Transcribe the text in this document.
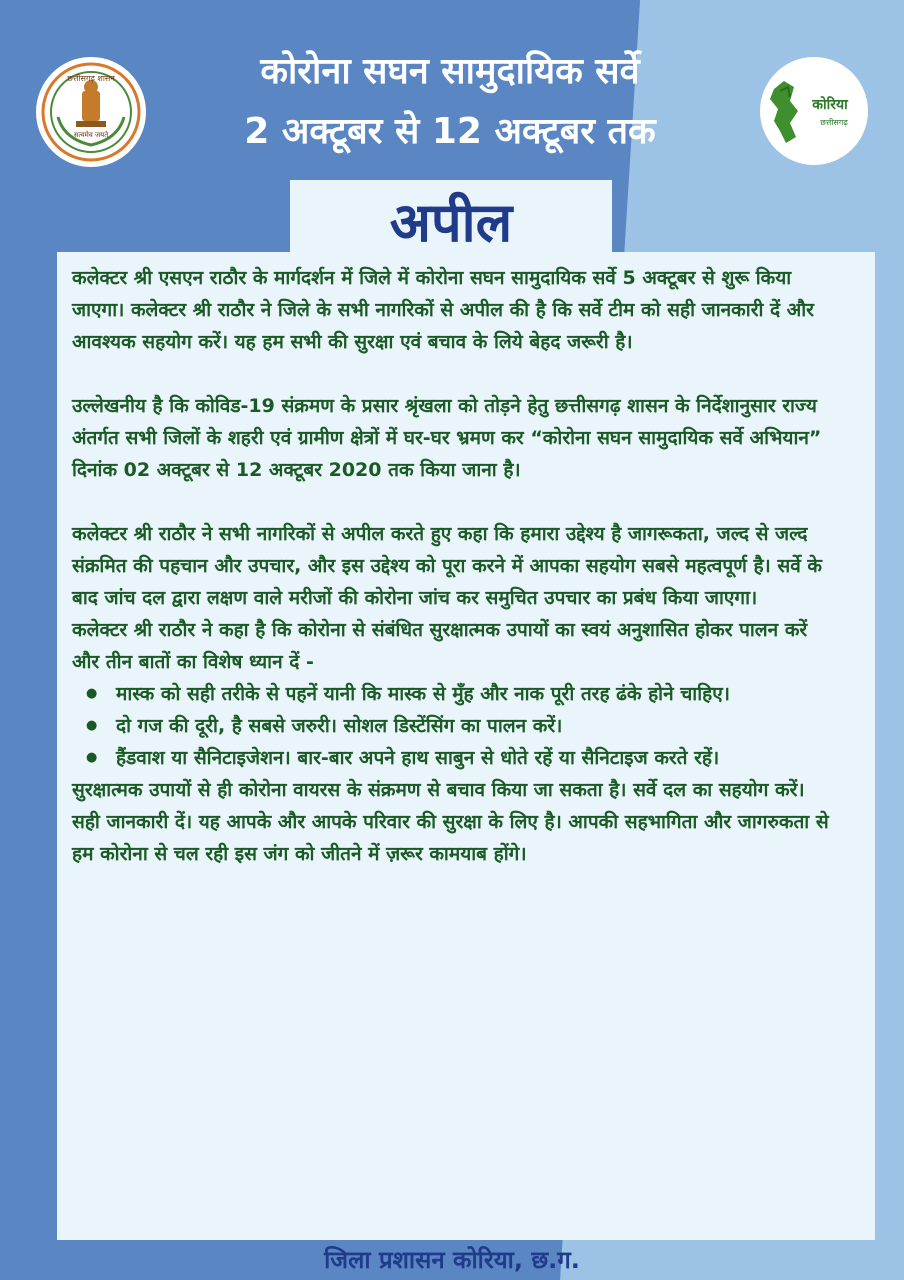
कोरोना सघन सामुदायिक सर्वे
2 अक्टूबर से 12 अक्टूबर तक
छत्तीसगढ़ शासन
सत्यमेव जयते
कोरिया
छत्तीसगढ़
अपील

कलेक्टर श्री एसएन राठौर के मार्गदर्शन में जिले में कोरोना सघन सामुदायिक सर्वे 5 अक्टूबर से शुरू किया जाएगा। कलेक्टर श्री राठौर ने जिले के सभी नागरिकों से अपील की है कि सर्वे टीम को सही जानकारी दें और आवश्यक सहयोग करें। यह हम सभी की सुरक्षा एवं बचाव के लिये बेहद जरूरी है।

उल्लेखनीय है कि कोविड-19 संक्रमण के प्रसार श्रृंखला को तोड़ने हेतु छत्तीसगढ़ शासन के निर्देशानुसार राज्य अंतर्गत सभी जिलों के शहरी एवं ग्रामीण क्षेत्रों में घर-घर भ्रमण कर “कोरोना सघन सामुदायिक सर्वे अभियान” दिनांक 02 अक्टूबर से 12 अक्टूबर 2020 तक किया जाना है।

कलेक्टर श्री राठौर ने सभी नागरिकों से अपील करते हुए कहा कि हमारा उद्देश्य है जागरूकता, जल्द से जल्द संक्रमित की पहचान और उपचार, और इस उद्देश्य को पूरा करने में आपका सहयोग सबसे महत्वपूर्ण है। सर्वे के बाद जांच दल द्वारा लक्षण वाले मरीजों की कोरोना जांच कर समुचित उपचार का प्रबंध किया जाएगा।

कलेक्टर श्री राठौर ने कहा है कि कोरोना से संबंधित सुरक्षात्मक उपायों का स्वयं अनुशासित होकर पालन करें और तीन बातों का विशेष ध्यान दें -

● मास्क को सही तरीके से पहनें यानी कि मास्क से मुँह और नाक पूरी तरह ढंके होने चाहिए।
● दो गज की दूरी, है सबसे जरुरी। सोशल डिस्टेंसिंग का पालन करें।
● हैंडवाश या सैनिटाइजेशन। बार-बार अपने हाथ साबुन से धोते रहें या सैनिटाइज करते रहें।

सुरक्षात्मक उपायों से ही कोरोना वायरस के संक्रमण से बचाव किया जा सकता है। सर्वे दल का सहयोग करें। सही जानकारी दें। यह आपके और आपके परिवार की सुरक्षा के लिए है। आपकी सहभागिता और जागरुकता से हम कोरोना से चल रही इस जंग को जीतने में ज़रूर कामयाब होंगे।

जिला प्रशासन कोरिया, छ.ग.
